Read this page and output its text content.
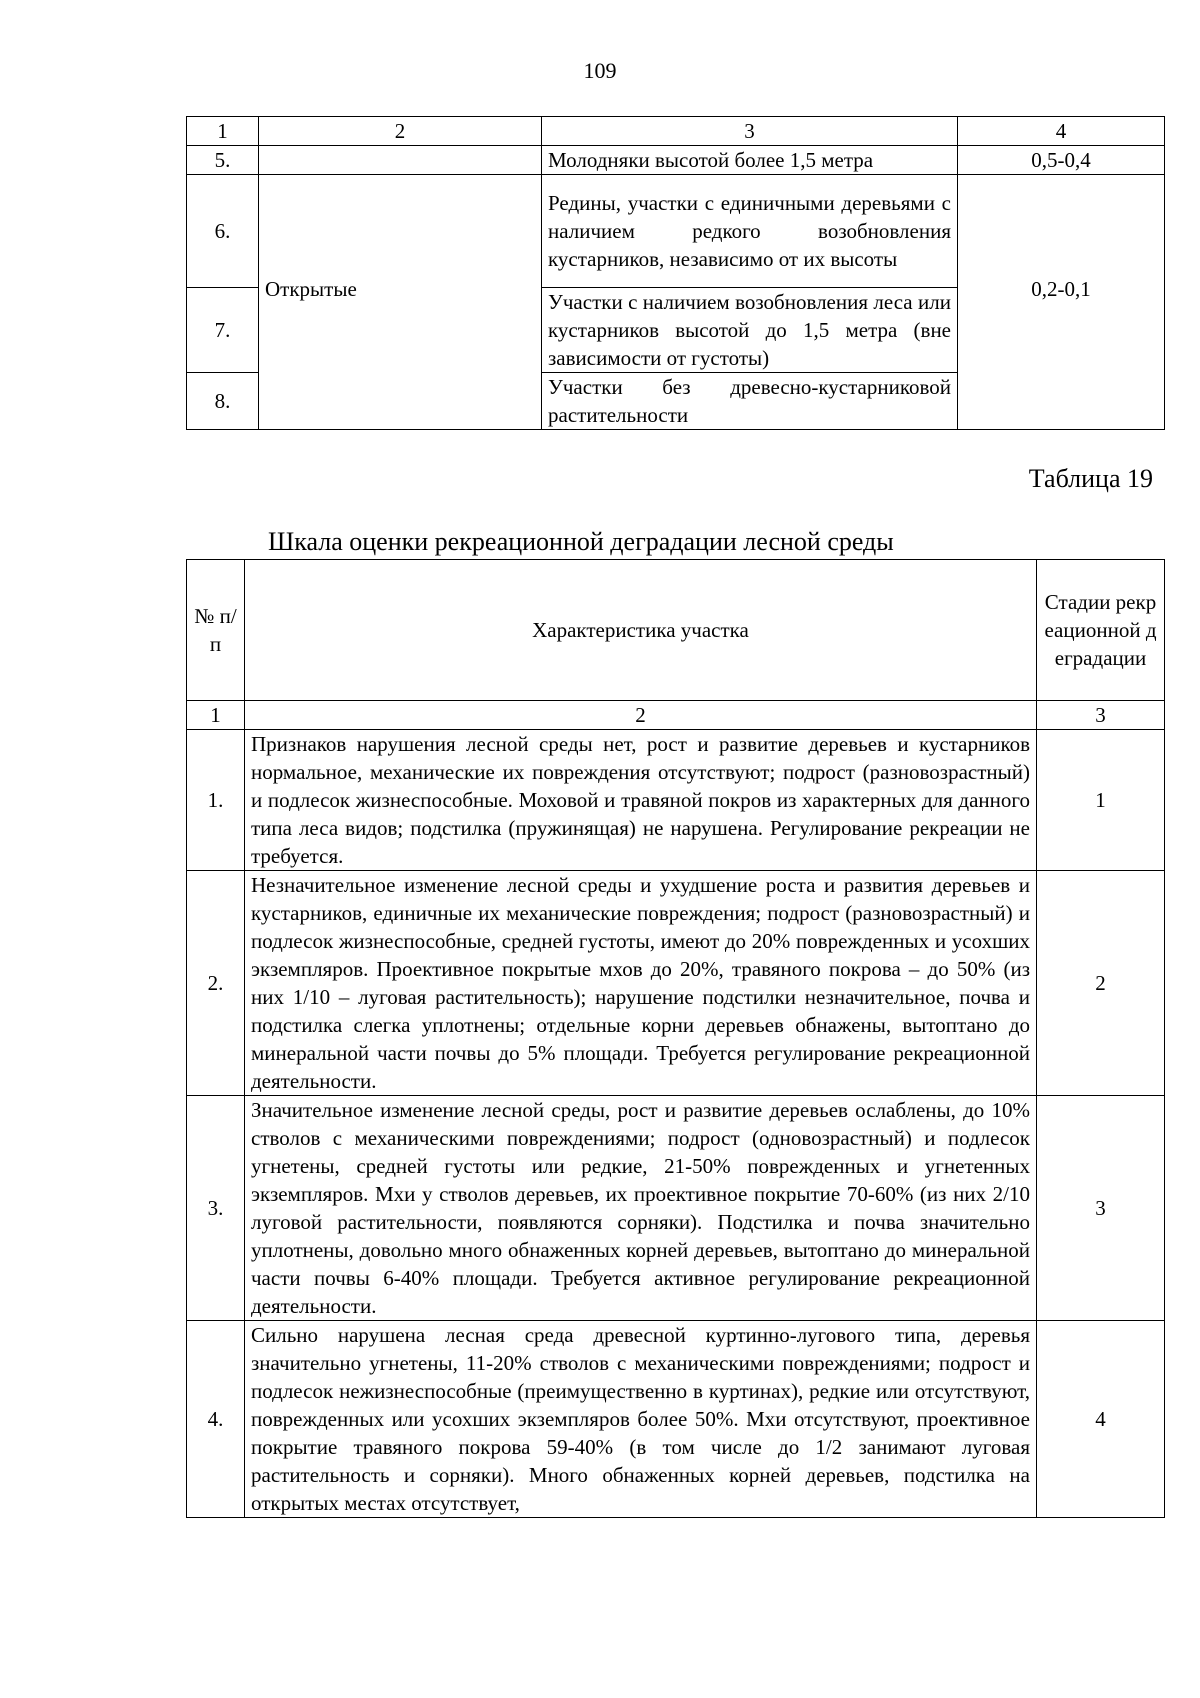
109
1	2	3	4
5.		Молодняки высотой более 1,5 метра	0,5-0,4
6.	Открытые	Редины, участки с единичными деревьями с наличием редкого возобновления кустарников, независимо от их высоты	0,2-0,1
7.		Участки с наличием возобновления леса или кустарников высотой до 1,5 метра (вне зависимости от густоты)	
8.		Участки без древесно-кустарниковой растительности	
Таблица 19
Шкала оценки рекреационной деградации лесной среды
№ п/п	Характеристика участка	Стадии рекреационной деградации
1	2	3
1.	Признаков нарушения лесной среды нет, рост и развитие деревьев и кустарников нормальное, механические их повреждения отсутствуют; подрост (разновозрастный) и подлесок жизнеспособные. Моховой и травяной покров из характерных для данного типа леса видов; подстилка (пружинящая) не нарушена. Регулирование рекреации не требуется.	1
2.	Незначительное изменение лесной среды и ухудшение роста и развития деревьев и кустарников, единичные их механические повреждения; подрост (разновозрастный) и подлесок жизнеспособные, средней густоты, имеют до 20% поврежденных и усохших экземпляров. Проективное покрытые мхов до 20%, травяного покрова – до 50% (из них 1/10 – луговая растительность); нарушение подстилки незначительное, почва и подстилка слегка уплотнены; отдельные корни деревьев обнажены, вытоптано до минеральной части почвы до 5% площади. Требуется регулирование рекреационной деятельности.	2
3.	Значительное изменение лесной среды, рост и развитие деревьев ослаблены, до 10% стволов с механическими повреждениями; подрост (одновозрастный) и подлесок угнетены, средней густоты или редкие, 21-50% поврежденных и угнетенных экземпляров. Мхи у стволов деревьев, их проективное покрытие 70-60% (из них 2/10 луговой растительности, появляются сорняки). Подстилка и почва значительно уплотнены, довольно много обнаженных корней деревьев, вытоптано до минеральной части почвы 6-40% площади. Требуется активное регулирование рекреационной деятельности.	3
4.	Сильно нарушена лесная среда древесной куртинно-лугового типа, деревья значительно угнетены, 11-20% стволов с механическими повреждениями; подрост и подлесок нежизнеспособные (преимущественно в куртинах), редкие или отсутствуют, поврежденных или усохших экземпляров более 50%. Мхи отсутствуют, проективное покрытие травяного покрова 59-40% (в том числе до 1/2 занимают луговая растительность и сорняки). Много обнаженных корней деревьев, подстилка на открытых местах отсутствует,	4
